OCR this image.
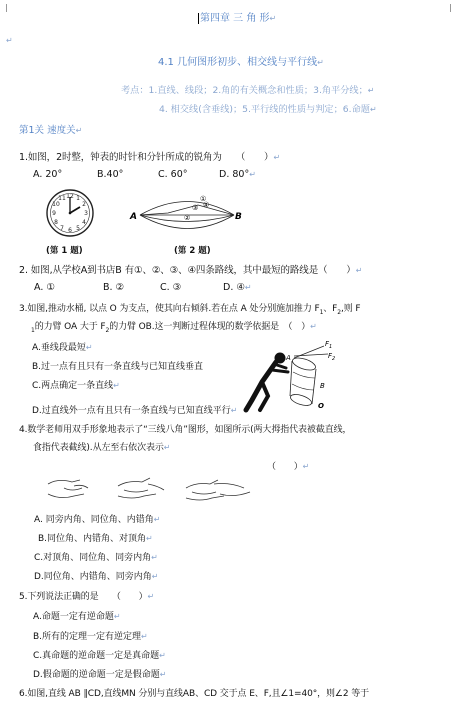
↵
第四章 三 角 形↵
4.1 几何图形初步、相交线与平行线↵
考点：1.直线、线段；2.角的有关概念和性质；3.角平分线；↵
4. 相交线(含垂线)；5.平行线的性质与判定；6.命题↵
第1关 速度关↵
1.如图，2时整，钟表的时针和分针所成的锐角为　　（　　）↵
A. 20°	B.40°	C. 60°	D. 80°↵
12 1
2
3
4
5
6
7
8
9
10
11
(第 1 题)
A	B
①
②
③ ④
(第 2 题)
2. 如图,从学校A到书店B 有①、②、③、④四条路线，其中最短的路线是（　　）↵
A. ①	B. ②	C. ③	D. ④↵
3.如图,推动水桶, 以点 O 为支点，使其向右倾斜.若在点 A 处分别施加推力 $F_1$、$F_2$,则 F
$_1$的力臂 OA 大于 $F_2$的力臂 OB.这一判断过程体现的数学依据是　（　）↵
A.垂线段最短↵
B.过一点有且只有一条直线与已知直线垂直
C.两点确定一条直线↵
D.过直线外一点有且只有一条直线与已知直线平行↵
A
$F_1$
$F_2$
B
O
4.数学老师用双手形象地表示了“三线八角”图形，如图所示(两大拇指代表被截直线，
食指代表截线).从左至右依次表示↵
（　　）↵
A. 同旁内角、同位角、内错角↵
B.同位角、内错角、对顶角↵
C.对顶角、同位角、同旁内角↵
D.同位角、内错角、同旁内角↵
5.下列说法正确的是　　（　　）↵
A.命题一定有逆命题↵
B.所有的定理一定有逆定理↵
C.真命题的逆命题一定是真命题↵
D.假命题的逆命题一定是假命题↵
6.如图,直线 AB ∥CD,直线MN 分别与直线AB、CD 交于点 E、F,且∠1=40°，则∠2 等于
